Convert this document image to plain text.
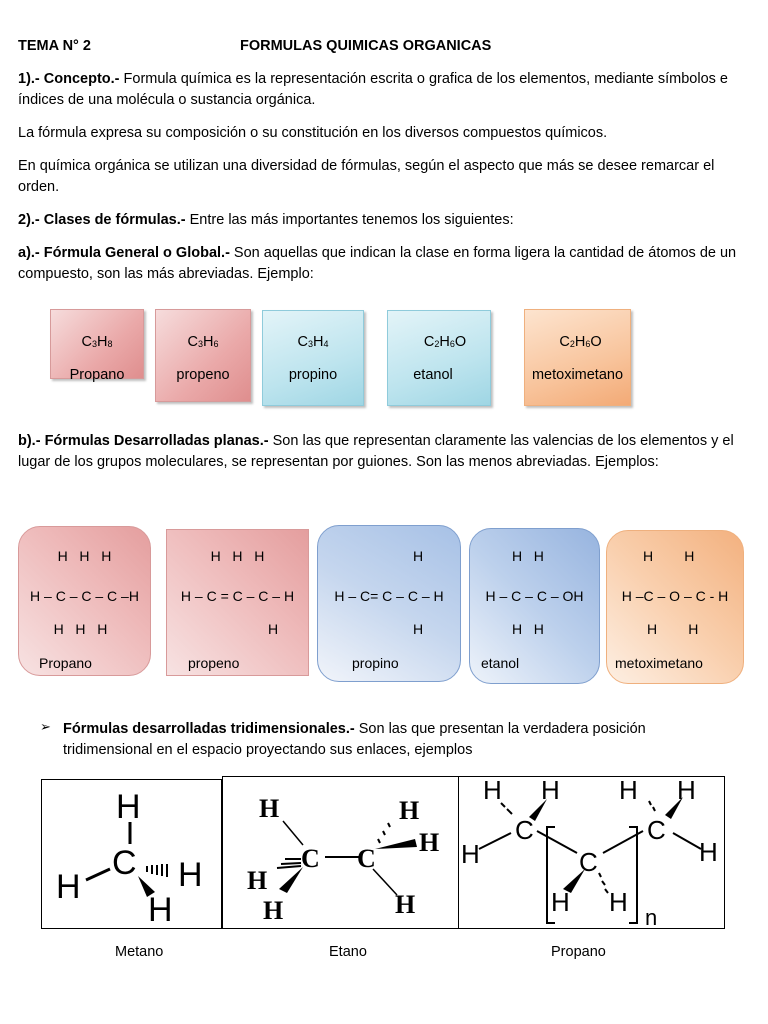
TEMA N° 2	FORMULAS QUIMICAS ORGANICAS
1).- Concepto.- Formula química es la representación escrita o grafica de los elementos, mediante símbolos e índices de una molécula o sustancia orgánica.
La fórmula expresa su composición o su constitución en los diversos compuestos químicos.
En química orgánica se utilizan una diversidad de fórmulas, según el aspecto que más se desee remarcar el orden.
2).- Clases de fórmulas.- Entre las más importantes tenemos los siguientes:
a).- Fórmula General o Global.- Son aquellas que indican la clase en forma ligera la cantidad de átomos de un compuesto, son las más abreviadas. Ejemplo:
$C_3H_8$
Propano
$C_3H_6$
propeno
$C_3H_4$
propino
$C_2H_6O$
etanol
$C_2H_6O$
metoximetano
b).- Fórmulas Desarrolladas planas.- Son las que representan claramente las valencias de los elementos y el lugar de los grupos moleculares, se representan por guiones. Son las menos abreviadas. Ejemplos:
H   H   H
H – C – C – C –H
H   H   H
Propano
H   H   H
H – C = C – C – H
H
propeno
H
H – C= C – C – H
H
propino
H   H
H – C – C – OH
H   H
etanol
H        H
H –C – O – C - H
H        H
metoximetano
➢ Fórmulas desarrolladas tridimensionales.- Son las que presentan la verdadera posición tridimensional en el espacio proyectando sus enlaces, ejemplos
H
C
H	H
H
H
C C
H
H
H
H	H
H H
C
H	C
H H
H H
C
H
n
Metano	Etano	Propano
